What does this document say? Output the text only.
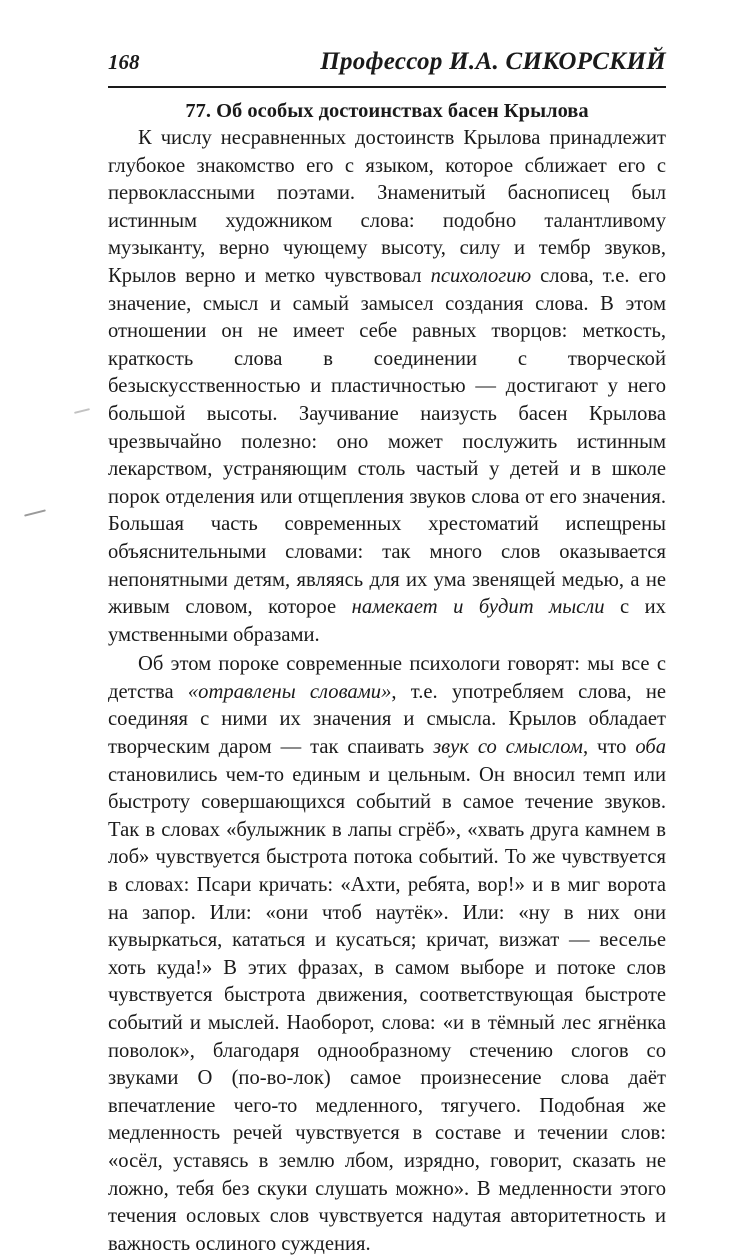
168	Профессор И.А. СИКОРСКИЙ
77. Об особых достоинствах басен Крылова

К числу несравненных достоинств Крылова принадлежит глубокое знакомство его с языком, которое сближает его с первоклассными поэтами. Знаменитый баснописец был истинным художником слова: подобно талантливому музыканту, верно чующему высоту, силу и тембр звуков, Крылов верно и метко чувствовал психологию слова, т.е. его значение, смысл и самый замысел создания слова. В этом отношении он не имеет себе равных творцов: меткость, краткость слова в соединении с творческой безыскусственностью и пластичностью — достигают у него большой высоты. Заучивание наизусть басен Крылова чрезвычайно полезно: оно может послужить истинным лекарством, устраняющим столь частый у детей и в школе порок отделения или отщепления звуков слова от его значения. Большая часть современных хрестоматий испещрены объяснительными словами: так много слов оказывается непонятными детям, являясь для их ума звенящей медью, а не живым словом, которое намекает и будит мысли с их умственными образами.

Об этом пороке современные психологи говорят: мы все с детства «отравлены словами», т.е. употребляем слова, не соединяя с ними их значения и смысла. Крылов обладает творческим даром — так спаивать звук со смыслом, что оба становились чем-то единым и цельным. Он вносил темп или быстроту совершающихся событий в самое течение звуков. Так в словах «булыжник в лапы сгрёб», «хвать друга камнем в лоб» чувствуется быстрота потока событий. То же чувствуется в словах: Псари кричать: «Ахти, ребята, вор!» и в миг ворота на запор. Или: «они чтоб наутёк». Или: «ну в них они кувыркаться, кататься и кусаться; кричат, визжат — веселье хоть куда!» В этих фразах, в самом выборе и потоке слов чувствуется быстрота движения, соответствующая быстроте событий и мыслей. Наоборот, слова: «и в тёмный лес ягнёнка поволок», благодаря однообразному стечению слогов со звуками О (по-во-лок) самое произнесение слова даёт впечатление чего-то медленного, тягучего. Подобная же медленность речей чувствуется в составе и течении слов: «осёл, уставясь в землю лбом, изрядно, говорит, сказать не ложно, тебя без скуки слушать можно». В медленности этого течения ословых слов чувствуется надутая авторитетность и важность ослиного суждения.
